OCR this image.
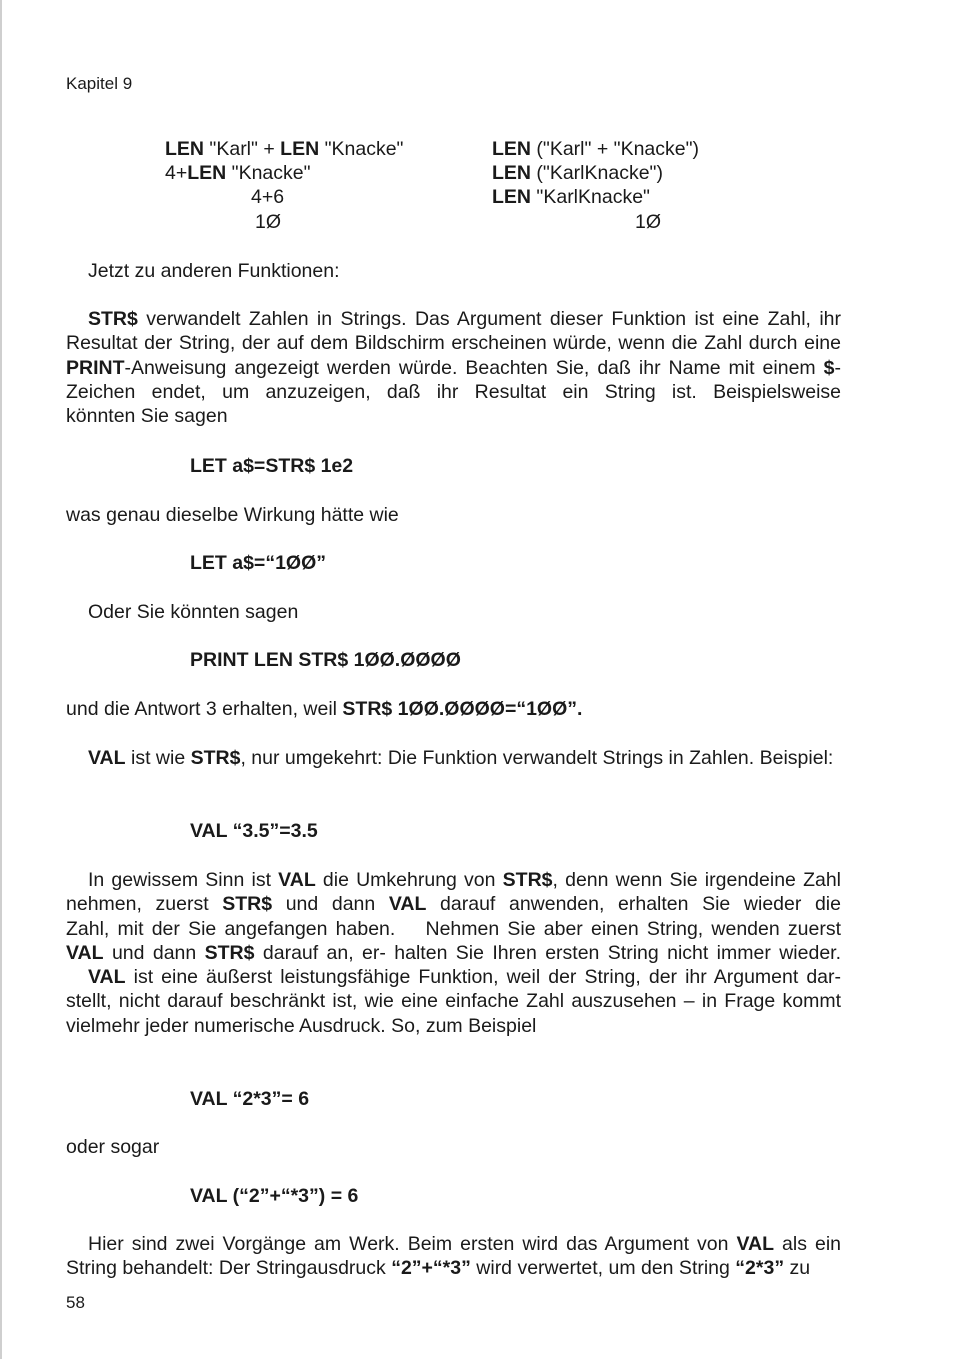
Kapitel 9
LEN "Karl" + LEN "Knacke"
4+LEN "Knacke"
4+6
1Ø
LEN ("Karl" + "Knacke")
LEN ("KarlKnacke")
LEN "KarlKnacke"
1Ø
Jetzt zu anderen Funktionen:
STR$ verwandelt Zahlen in Strings. Das Argument dieser Funktion ist eine Zahl, ihr Resultat der String, der auf dem Bildschirm erscheinen würde, wenn die Zahl durch eine PRINT-Anweisung angezeigt werden würde. Beachten Sie, daß ihr Name mit einem $-Zeichen endet, um anzuzeigen, daß ihr Resultat ein String ist. Beispielsweise könnten Sie sagen
LET a$=STR$ 1e2
was genau dieselbe Wirkung hätte wie
LET a$=“1ØØ”
Oder Sie könnten sagen
PRINT LEN STR$ 1ØØ.ØØØØ
und die Antwort 3 erhalten, weil STR$ 1ØØ.ØØØØ=“1ØØ”.
VAL ist wie STR$, nur umgekehrt: Die Funktion verwandelt Strings in Zahlen. Beispiel:
VAL “3.5”=3.5
In gewissem Sinn ist VAL die Umkehrung von STR$, denn wenn Sie irgendeine Zahl nehmen, zuerst STR$ und dann VAL darauf anwenden, erhalten Sie wieder die Zahl, mit der Sie angefangen haben. Nehmen Sie aber einen String, wenden zuerst VAL und dann STR$ darauf an, er- halten Sie Ihren ersten String nicht immer wieder. VAL ist eine äußerst leistungsfähige Funktion, weil der String, der ihr Argument dar- stellt, nicht darauf beschränkt ist, wie eine einfache Zahl auszusehen – in Frage kommt vielmehr jeder numerische Ausdruck. So, zum Beispiel
VAL “2*3”= 6
oder sogar
VAL (“2”+“*3”) = 6
Hier sind zwei Vorgänge am Werk. Beim ersten wird das Argument von VAL als ein String behandelt: Der Stringausdruck “2”+“*3” wird verwertet, um den String “2*3” zu
58
